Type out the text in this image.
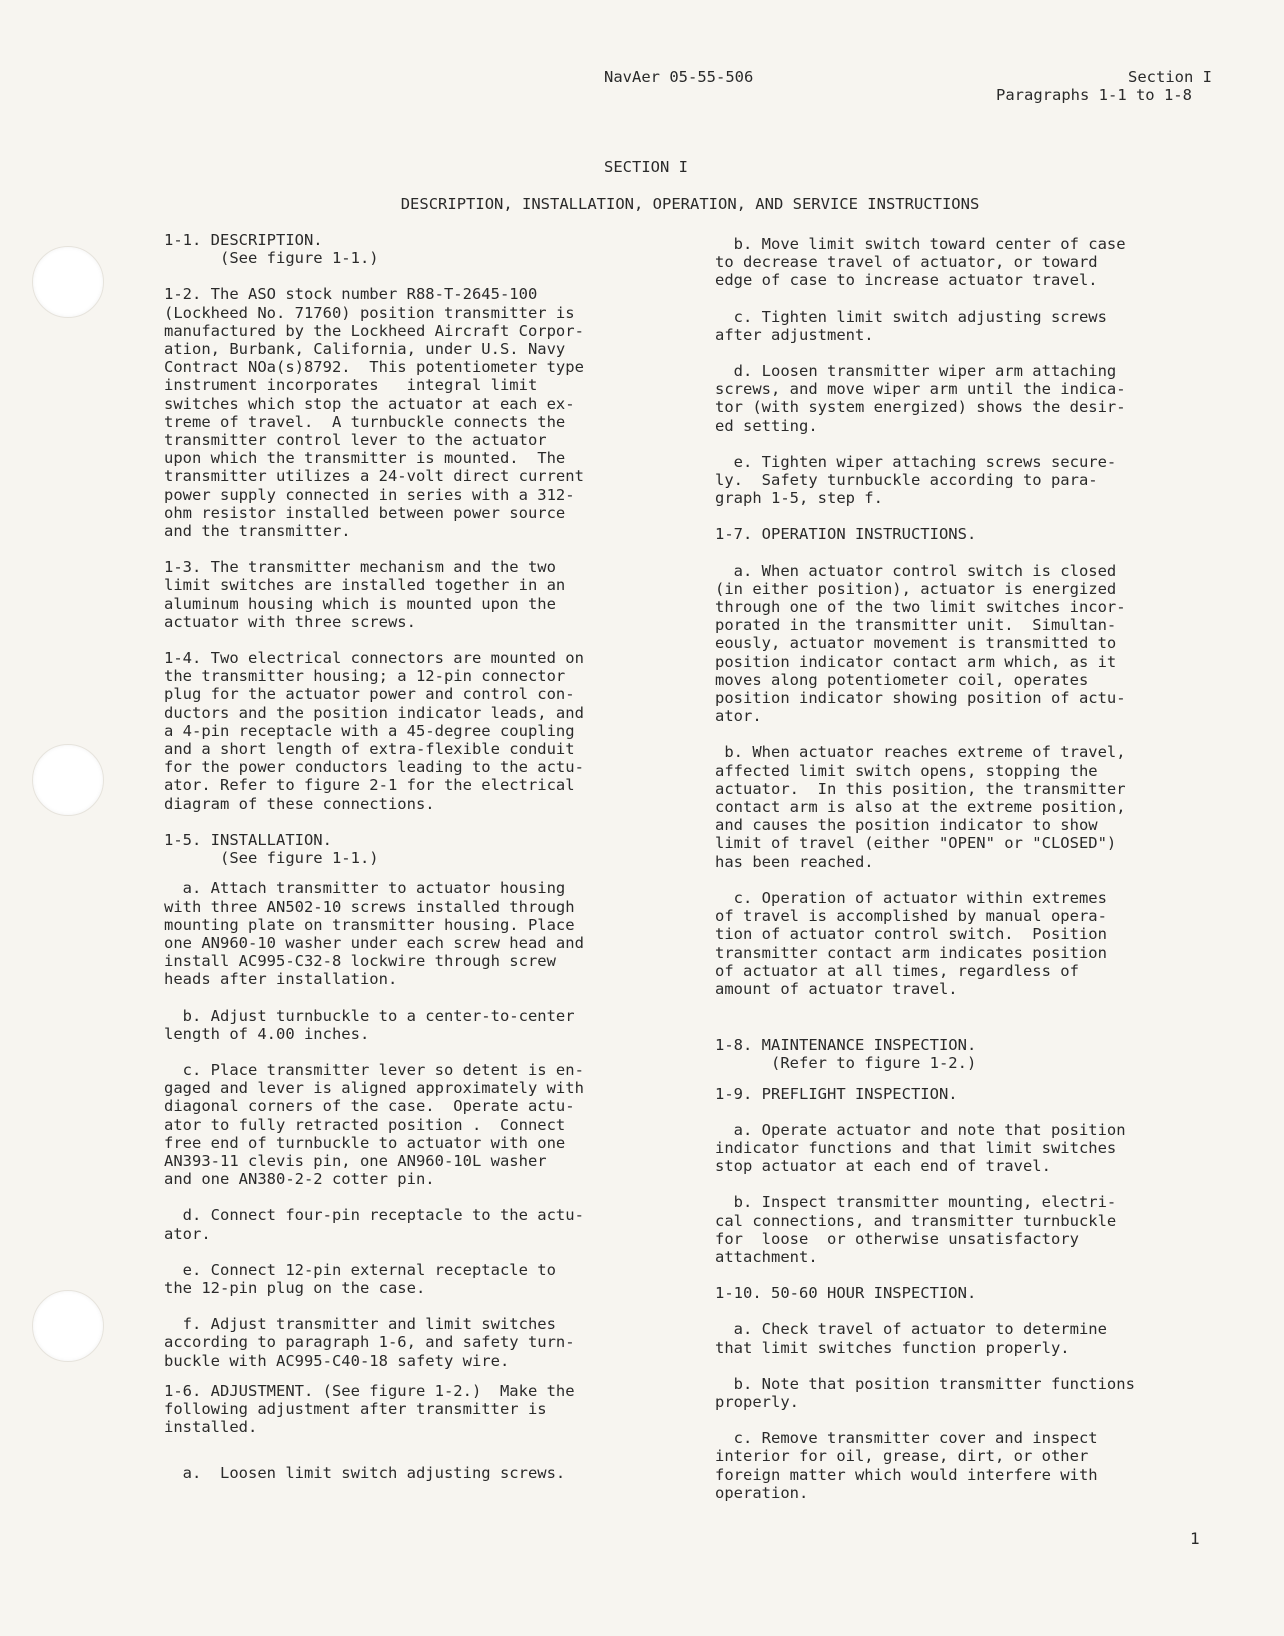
NavAer 05-55-506	Section I
Paragraphs 1-1 to 1-8
SECTION I
DESCRIPTION, INSTALLATION, OPERATION, AND SERVICE INSTRUCTIONS

1-1. DESCRIPTION.
(See figure 1-1.)

1-2. The ASO stock number R88-T-2645-100
(Lockheed No. 71760) position transmitter is
manufactured by the Lockheed Aircraft Corpor-
ation, Burbank, California, under U.S. Navy
Contract NOa(s)8792.  This potentiometer type
instrument incorporates   integral limit
switches which stop the actuator at each ex-
treme of travel.  A turnbuckle connects the
transmitter control lever to the actuator
upon which the transmitter is mounted.  The
transmitter utilizes a 24-volt direct current
power supply connected in series with a 312-
ohm resistor installed between power source
and the transmitter.

1-3. The transmitter mechanism and the two
limit switches are installed together in an
aluminum housing which is mounted upon the
actuator with three screws.

1-4. Two electrical connectors are mounted on
the transmitter housing; a 12-pin connector
plug for the actuator power and control con-
ductors and the position indicator leads, and
a 4-pin receptacle with a 45-degree coupling
and a short length of extra-flexible conduit
for the power conductors leading to the actu-
ator. Refer to figure 2-1 for the electrical
diagram of these connections.

1-5. INSTALLATION.
(See figure 1-1.)

a. Attach transmitter to actuator housing
with three AN502-10 screws installed through
mounting plate on transmitter housing. Place
one AN960-10 washer under each screw head and
install AC995-C32-8 lockwire through screw
heads after installation.

b. Adjust turnbuckle to a center-to-center
length of 4.00 inches.

c. Place transmitter lever so detent is en-
gaged and lever is aligned approximately with
diagonal corners of the case.  Operate actu-
ator to fully retracted position .  Connect
free end of turnbuckle to actuator with one
AN393-11 clevis pin, one AN960-10L washer
and one AN380-2-2 cotter pin.

d. Connect four-pin receptacle to the actu-
ator.

e. Connect 12-pin external receptacle to
the 12-pin plug on the case.

f. Adjust transmitter and limit switches
according to paragraph 1-6, and safety turn-
buckle with AC995-C40-18 safety wire.

1-6. ADJUSTMENT. (See figure 1-2.)  Make the
following adjustment after transmitter is
installed.

a.  Loosen limit switch adjusting screws.

b. Move limit switch toward center of case
to decrease travel of actuator, or toward
edge of case to increase actuator travel.

c. Tighten limit switch adjusting screws
after adjustment.

d. Loosen transmitter wiper arm attaching
screws, and move wiper arm until the indica-
tor (with system energized) shows the desir-
ed setting.

e. Tighten wiper attaching screws secure-
ly.  Safety turnbuckle according to para-
graph 1-5, step f.

1-7. OPERATION INSTRUCTIONS.

a. When actuator control switch is closed
(in either position), actuator is energized
through one of the two limit switches incor-
porated in the transmitter unit.  Simultan-
eously, actuator movement is transmitted to
position indicator contact arm which, as it
moves along potentiometer coil, operates
position indicator showing position of actu-
ator.

b. When actuator reaches extreme of travel,
affected limit switch opens, stopping the
actuator.  In this position, the transmitter
contact arm is also at the extreme position,
and causes the position indicator to show
limit of travel (either "OPEN" or "CLOSED")
has been reached.

c. Operation of actuator within extremes
of travel is accomplished by manual opera-
tion of actuator control switch.  Position
transmitter contact arm indicates position
of actuator at all times, regardless of
amount of actuator travel.

1-8. MAINTENANCE INSPECTION.
(Refer to figure 1-2.)

1-9. PREFLIGHT INSPECTION.

a. Operate actuator and note that position
indicator functions and that limit switches
stop actuator at each end of travel.

b. Inspect transmitter mounting, electri-
cal connections, and transmitter turnbuckle
for  loose  or otherwise unsatisfactory
attachment.

1-10. 50-60 HOUR INSPECTION.

a. Check travel of actuator to determine
that limit switches function properly.

b. Note that position transmitter functions
properly.

c. Remove transmitter cover and inspect
interior for oil, grease, dirt, or other
foreign matter which would interfere with
operation.

1
